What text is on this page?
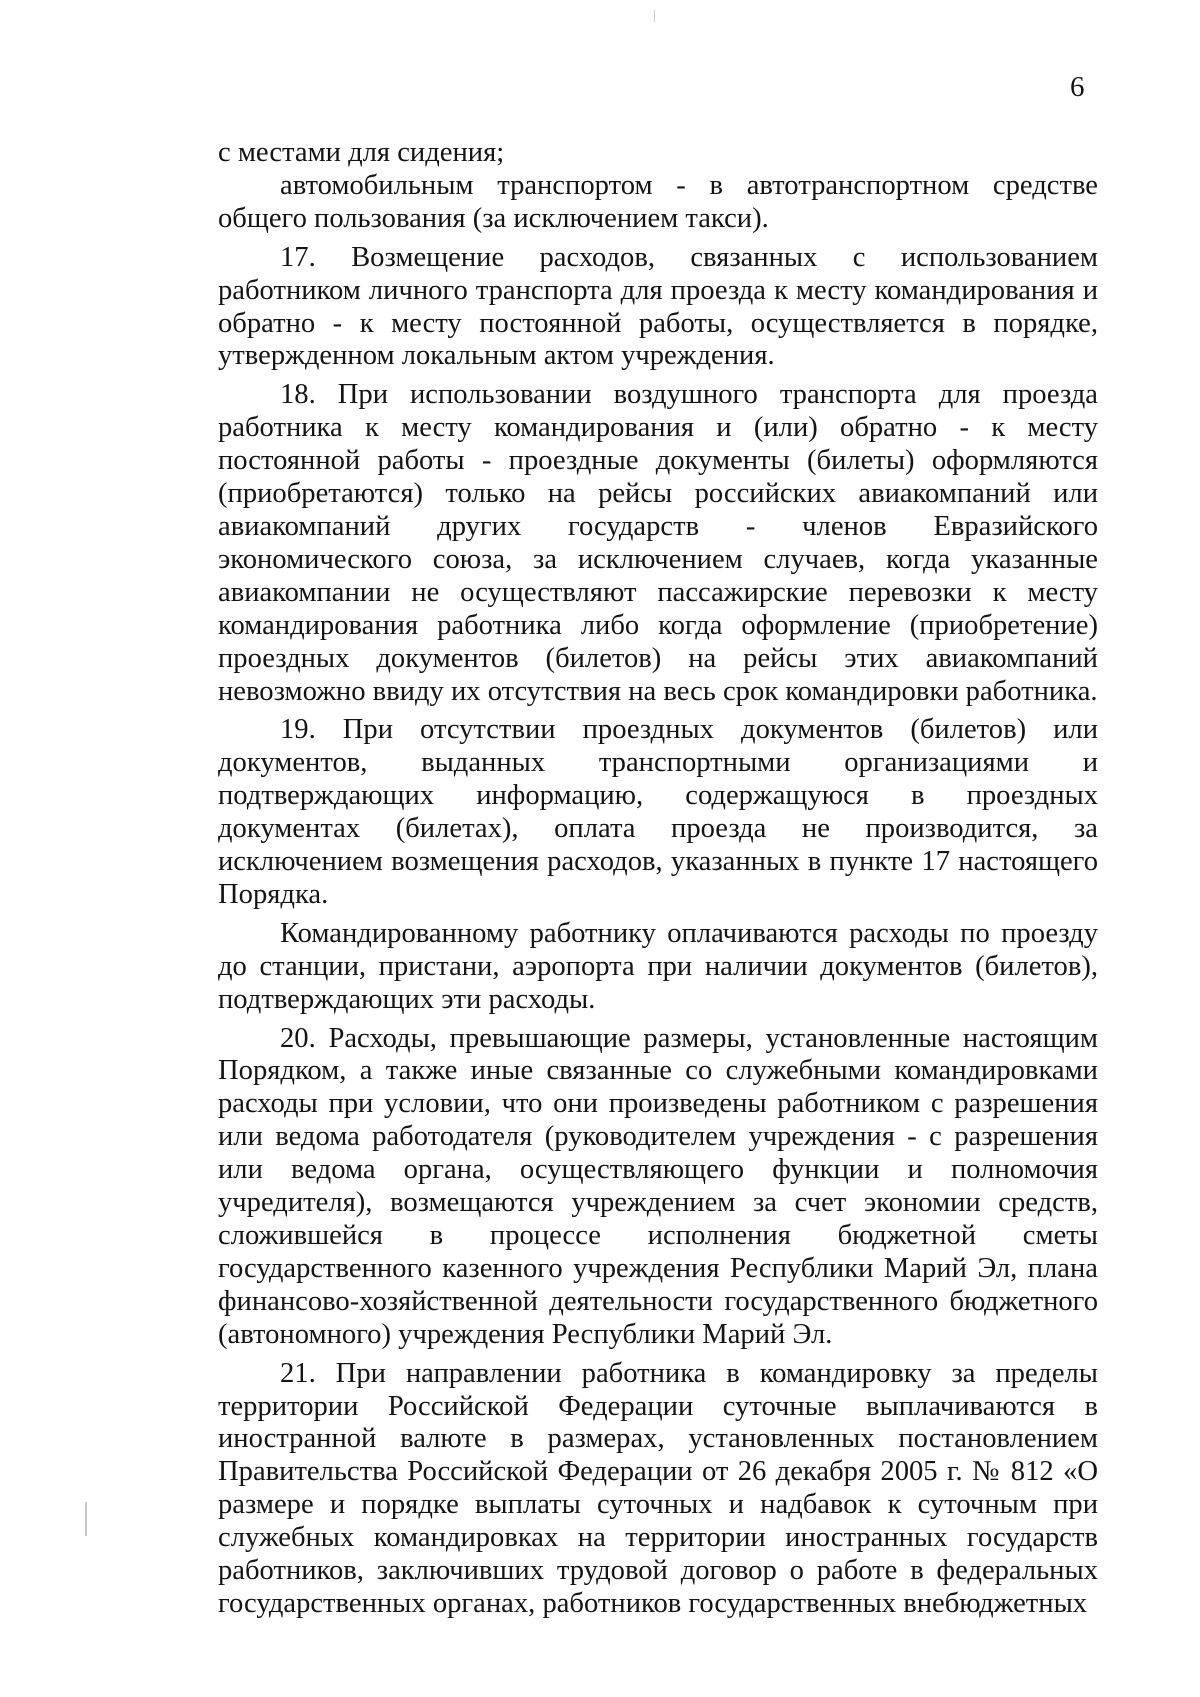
6

с местами для сидения;

автомобильным транспортом - в автотранспортном средстве общего пользования (за исключением такси).

17. Возмещение расходов, связанных с использованием работником личного транспорта для проезда к месту командирования и обратно - к месту постоянной работы, осуществляется в порядке, утвержденном локальным актом учреждения.

18. При использовании воздушного транспорта для проезда работника к месту командирования и (или) обратно - к месту постоянной работы - проездные документы (билеты) оформляются (приобретаются) только на рейсы российских авиакомпаний или авиакомпаний других государств - членов Евразийского экономического союза, за исключением случаев, когда указанные авиакомпании не осуществляют пассажирские перевозки к месту командирования работника либо когда оформление (приобретение) проездных документов (билетов) на рейсы этих авиакомпаний невозможно ввиду их отсутствия на весь срок командировки работника.

19. При отсутствии проездных документов (билетов) или документов, выданных транспортными организациями и подтверждающих информацию, содержащуюся в проездных документах (билетах), оплата проезда не производится, за исключением возмещения расходов, указанных в пункте 17 настоящего Порядка.

Командированному работнику оплачиваются расходы по проезду до станции, пристани, аэропорта при наличии документов (билетов), подтверждающих эти расходы.

20. Расходы, превышающие размеры, установленные настоящим Порядком, а также иные связанные со служебными командировками расходы при условии, что они произведены работником с разрешения или ведома работодателя (руководителем учреждения - с разрешения или ведома органа, осуществляющего функции и полномочия учредителя), возмещаются учреждением за счет экономии средств, сложившейся в процессе исполнения бюджетной сметы государственного казенного учреждения Республики Марий Эл, плана финансово-хозяйственной деятельности государственного бюджетного (автономного) учреждения Республики Марий Эл.

21. При направлении работника в командировку за пределы территории Российской Федерации суточные выплачиваются в иностранной валюте в размерах, установленных постановлением Правительства Российской Федерации от 26 декабря 2005 г. № 812 «О размере и порядке выплаты суточных и надбавок к суточным при служебных командировках на территории иностранных государств работников, заключивших трудовой договор о работе в федеральных государственных органах, работников государственных внебюджетных
